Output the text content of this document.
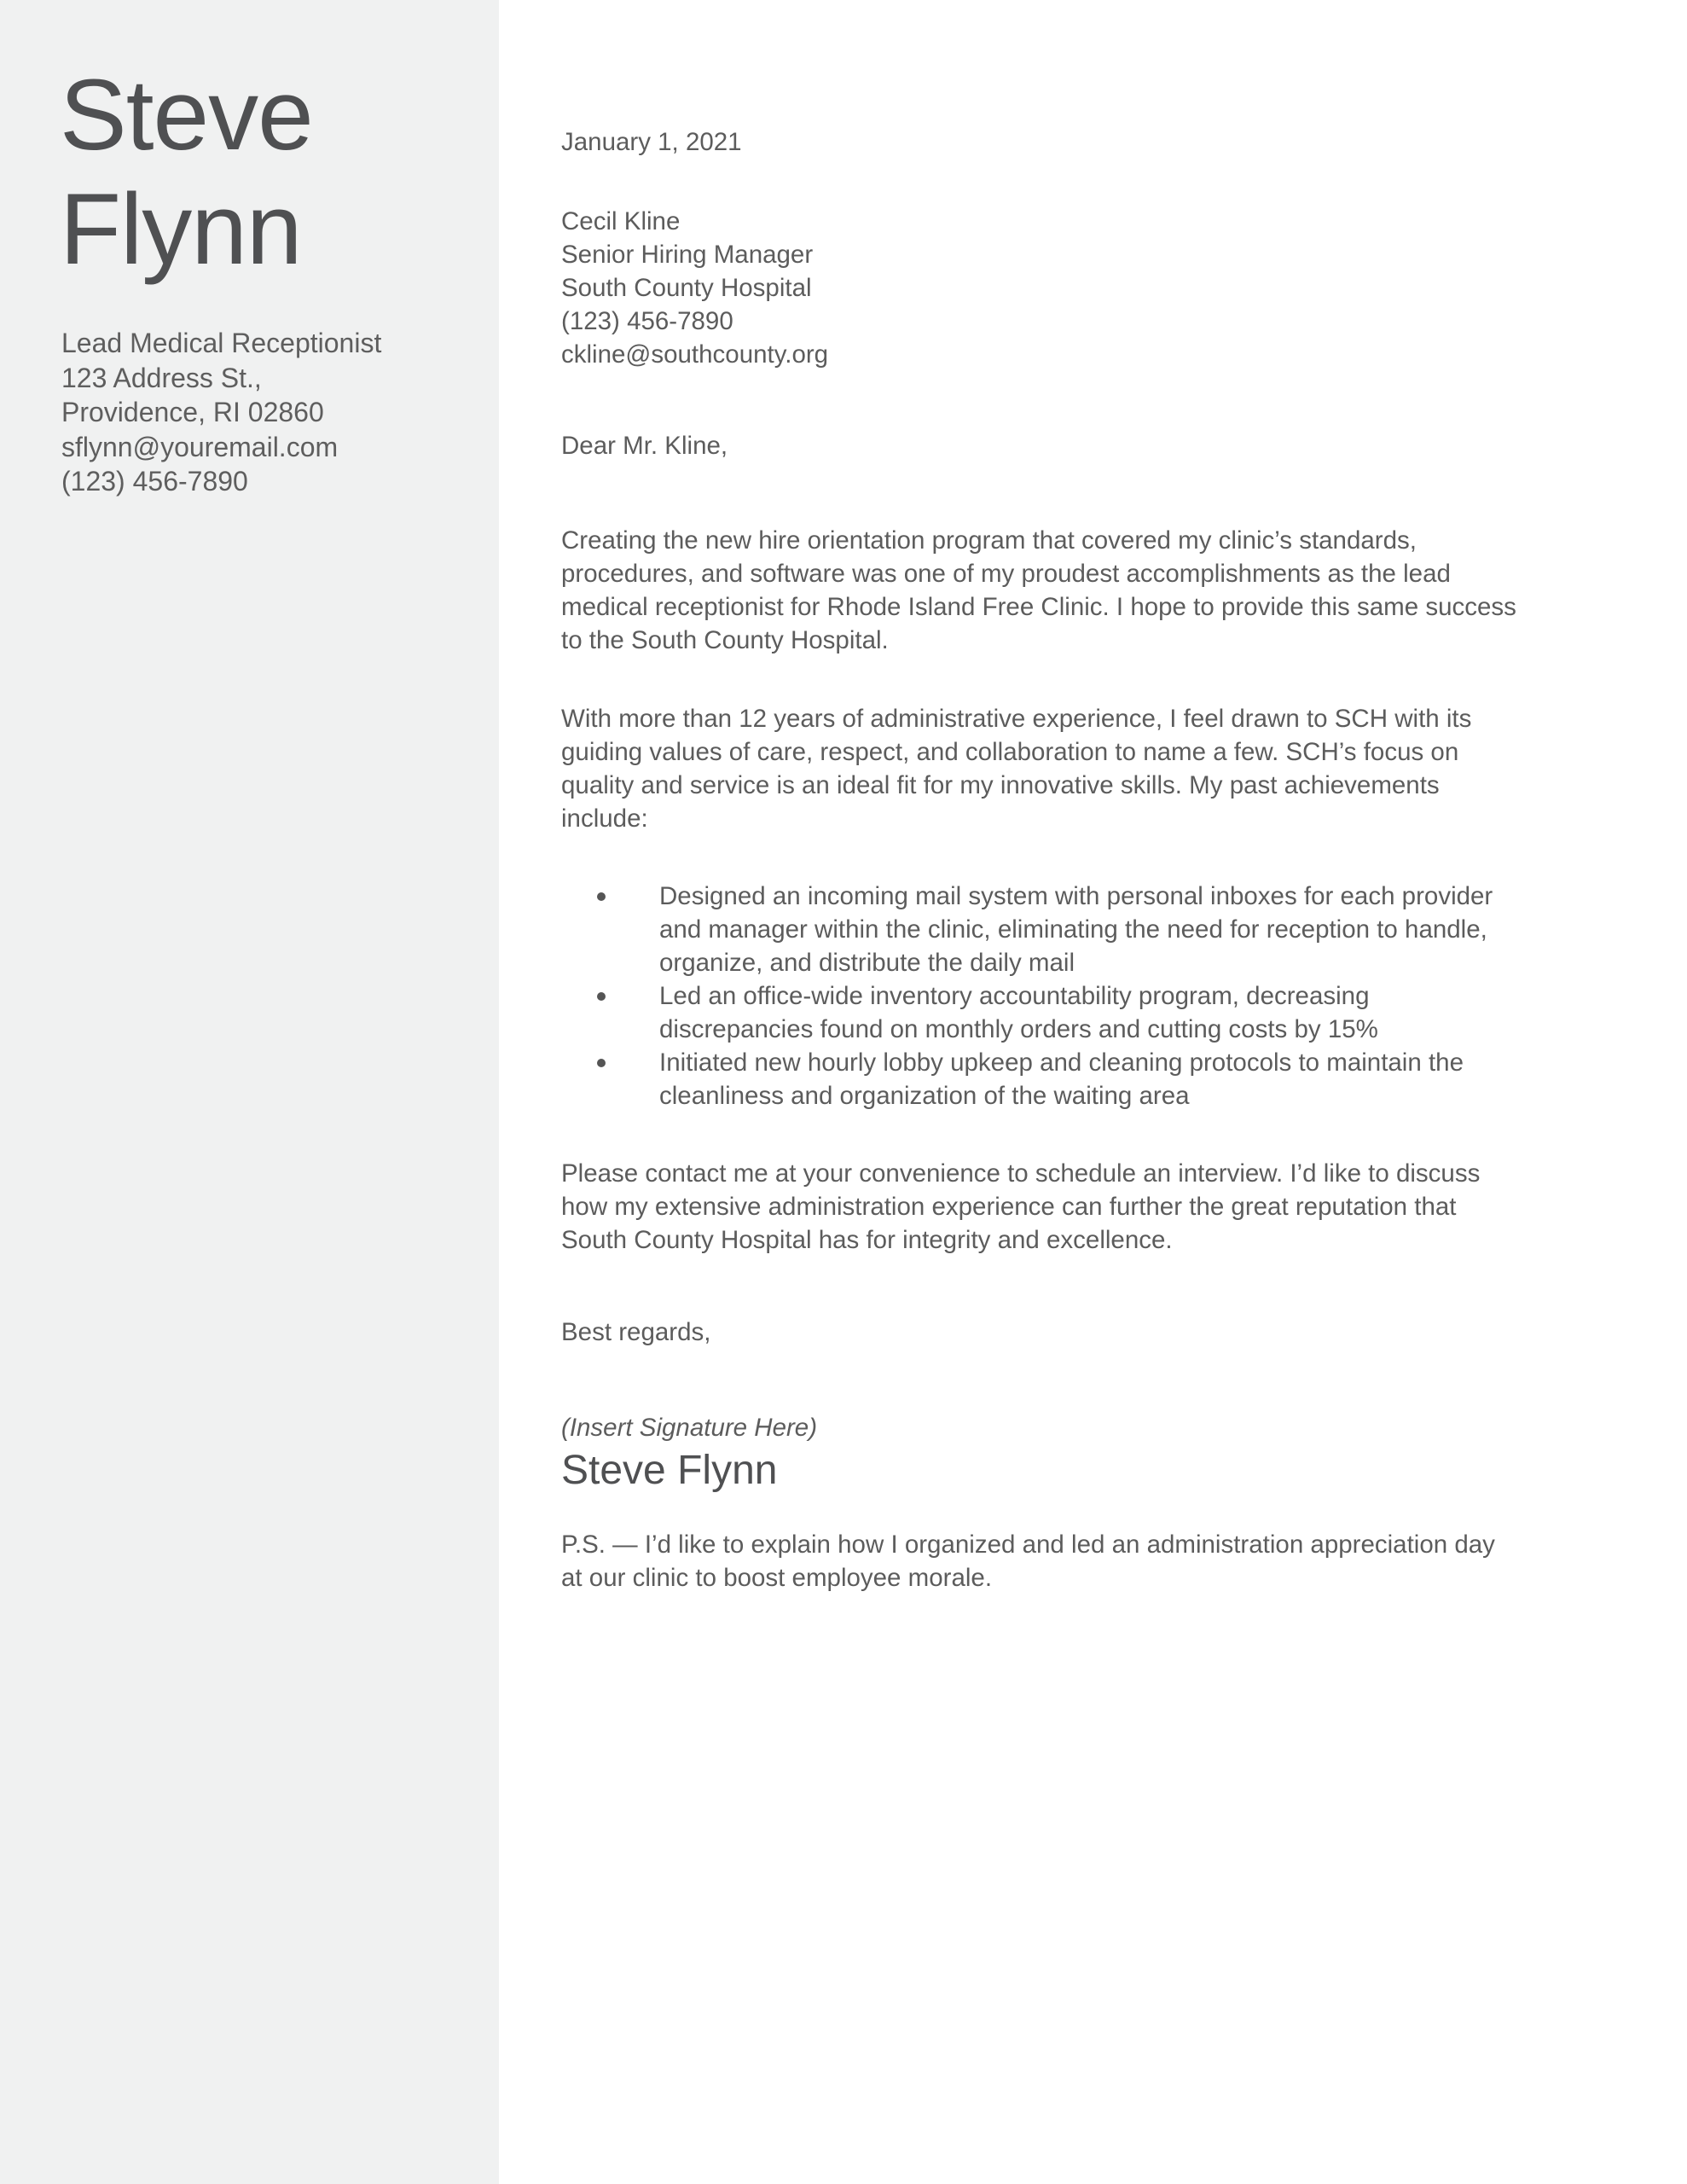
Steve
Flynn
Lead Medical Receptionist
123 Address St.,
Providence, RI 02860
sflynn@youremail.com
(123) 456-7890
January 1, 2021
Cecil Kline
Senior Hiring Manager
South County Hospital
(123) 456-7890
ckline@southcounty.org
Dear Mr. Kline,
Creating the new hire orientation program that covered my clinic’s standards,
procedures, and software was one of my proudest accomplishments as the lead
medical receptionist for Rhode Island Free Clinic. I hope to provide this same success
to the South County Hospital.
With more than 12 years of administrative experience, I feel drawn to SCH with its
guiding values of care, respect, and collaboration to name a few. SCH’s focus on
quality and service is an ideal fit for my innovative skills. My past achievements
include:
Designed an incoming mail system with personal inboxes for each provider
and manager within the clinic, eliminating the need for reception to handle,
organize, and distribute the daily mail
Led an office-wide inventory accountability program, decreasing
discrepancies found on monthly orders and cutting costs by 15%
Initiated new hourly lobby upkeep and cleaning protocols to maintain the
cleanliness and organization of the waiting area
Please contact me at your convenience to schedule an interview. I’d like to discuss
how my extensive administration experience can further the great reputation that
South County Hospital has for integrity and excellence.
Best regards,
(Insert Signature Here)
Steve Flynn
P.S. — I’d like to explain how I organized and led an administration appreciation day
at our clinic to boost employee morale.
